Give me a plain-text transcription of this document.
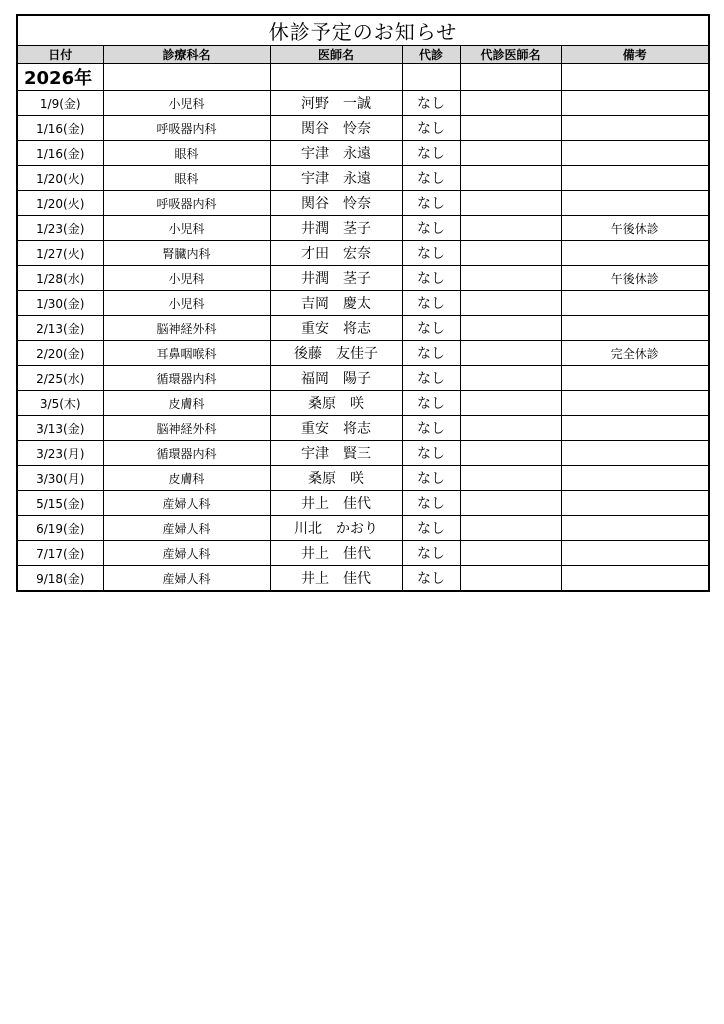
休診予定のお知らせ					
日付	診療科名	医師名	代診	代診医師名	備考
2026年					
1/9(金)	小児科	河野　一誠	なし		
1/16(金)	呼吸器内科	関谷　怜奈	なし		
1/16(金)	眼科	宇津　永遠	なし		
1/20(火)	眼科	宇津　永遠	なし		
1/20(火)	呼吸器内科	関谷　怜奈	なし		
1/23(金)	小児科	井潤　茎子	なし		午後休診
1/27(火)	腎臓内科	才田　宏奈	なし		
1/28(水)	小児科	井潤　茎子	なし		午後休診
1/30(金)	小児科	吉岡　慶太	なし		
2/13(金)	脳神経外科	重安　将志	なし		
2/20(金)	耳鼻咽喉科	後藤　友佳子	なし		完全休診
2/25(水)	循環器内科	福岡　陽子	なし		
3/5(木)	皮膚科	桑原　咲	なし		
3/13(金)	脳神経外科	重安　将志	なし		
3/23(月)	循環器内科	宇津　賢三	なし		
3/30(月)	皮膚科	桑原　咲	なし		
5/15(金)	産婦人科	井上　佳代	なし		
6/19(金)	産婦人科	川北　かおり	なし		
7/17(金)	産婦人科	井上　佳代	なし		
9/18(金)	産婦人科	井上　佳代	なし		
